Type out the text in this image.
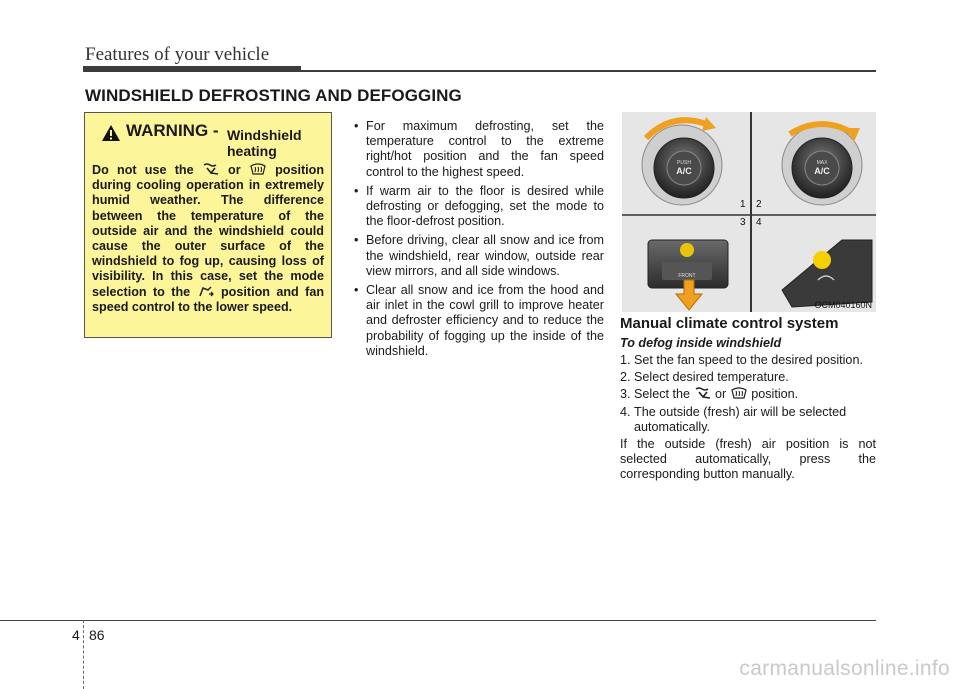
Features of your vehicle
WINDSHIELD DEFROSTING AND DEFOGGING
WARNING - Windshield heating
Do not use the	or	position during cooling operation in extremely humid weather. The difference between the temperature of the outside air and the windshield could cause the outer surface of the windshield to fog up, causing loss of visibility. In this case, set the mode selection to the position and fan speed control to the lower speed.
• For maximum defrosting, set the temperature control to the extreme right/hot position and the fan speed control to the highest speed.
• If warm air to the floor is desired while defrosting or defogging, set the mode to the floor-defrost position.
• Before driving, clear all snow and ice from the windshield, rear window, outside rear view mirrors, and all side windows.
• Clear all snow and ice from the hood and air inlet in the cowl grill to improve heater and defroster efficiency and to reduce the probability of fogging up the inside of the windshield.
PUSH
A/C
MAX
A/C
1 2
3 4
FRONT
OCM040160N
Manual climate control system
To defog inside windshield
1. Set the fan speed to the desired position.
2. Select desired temperature.
3. Select the or position.
4. The outside (fresh) air will be selected automatically.
If the outside (fresh) air position is not selected automatically, press the corresponding button manually.
4 86
carmanualsonline.info
